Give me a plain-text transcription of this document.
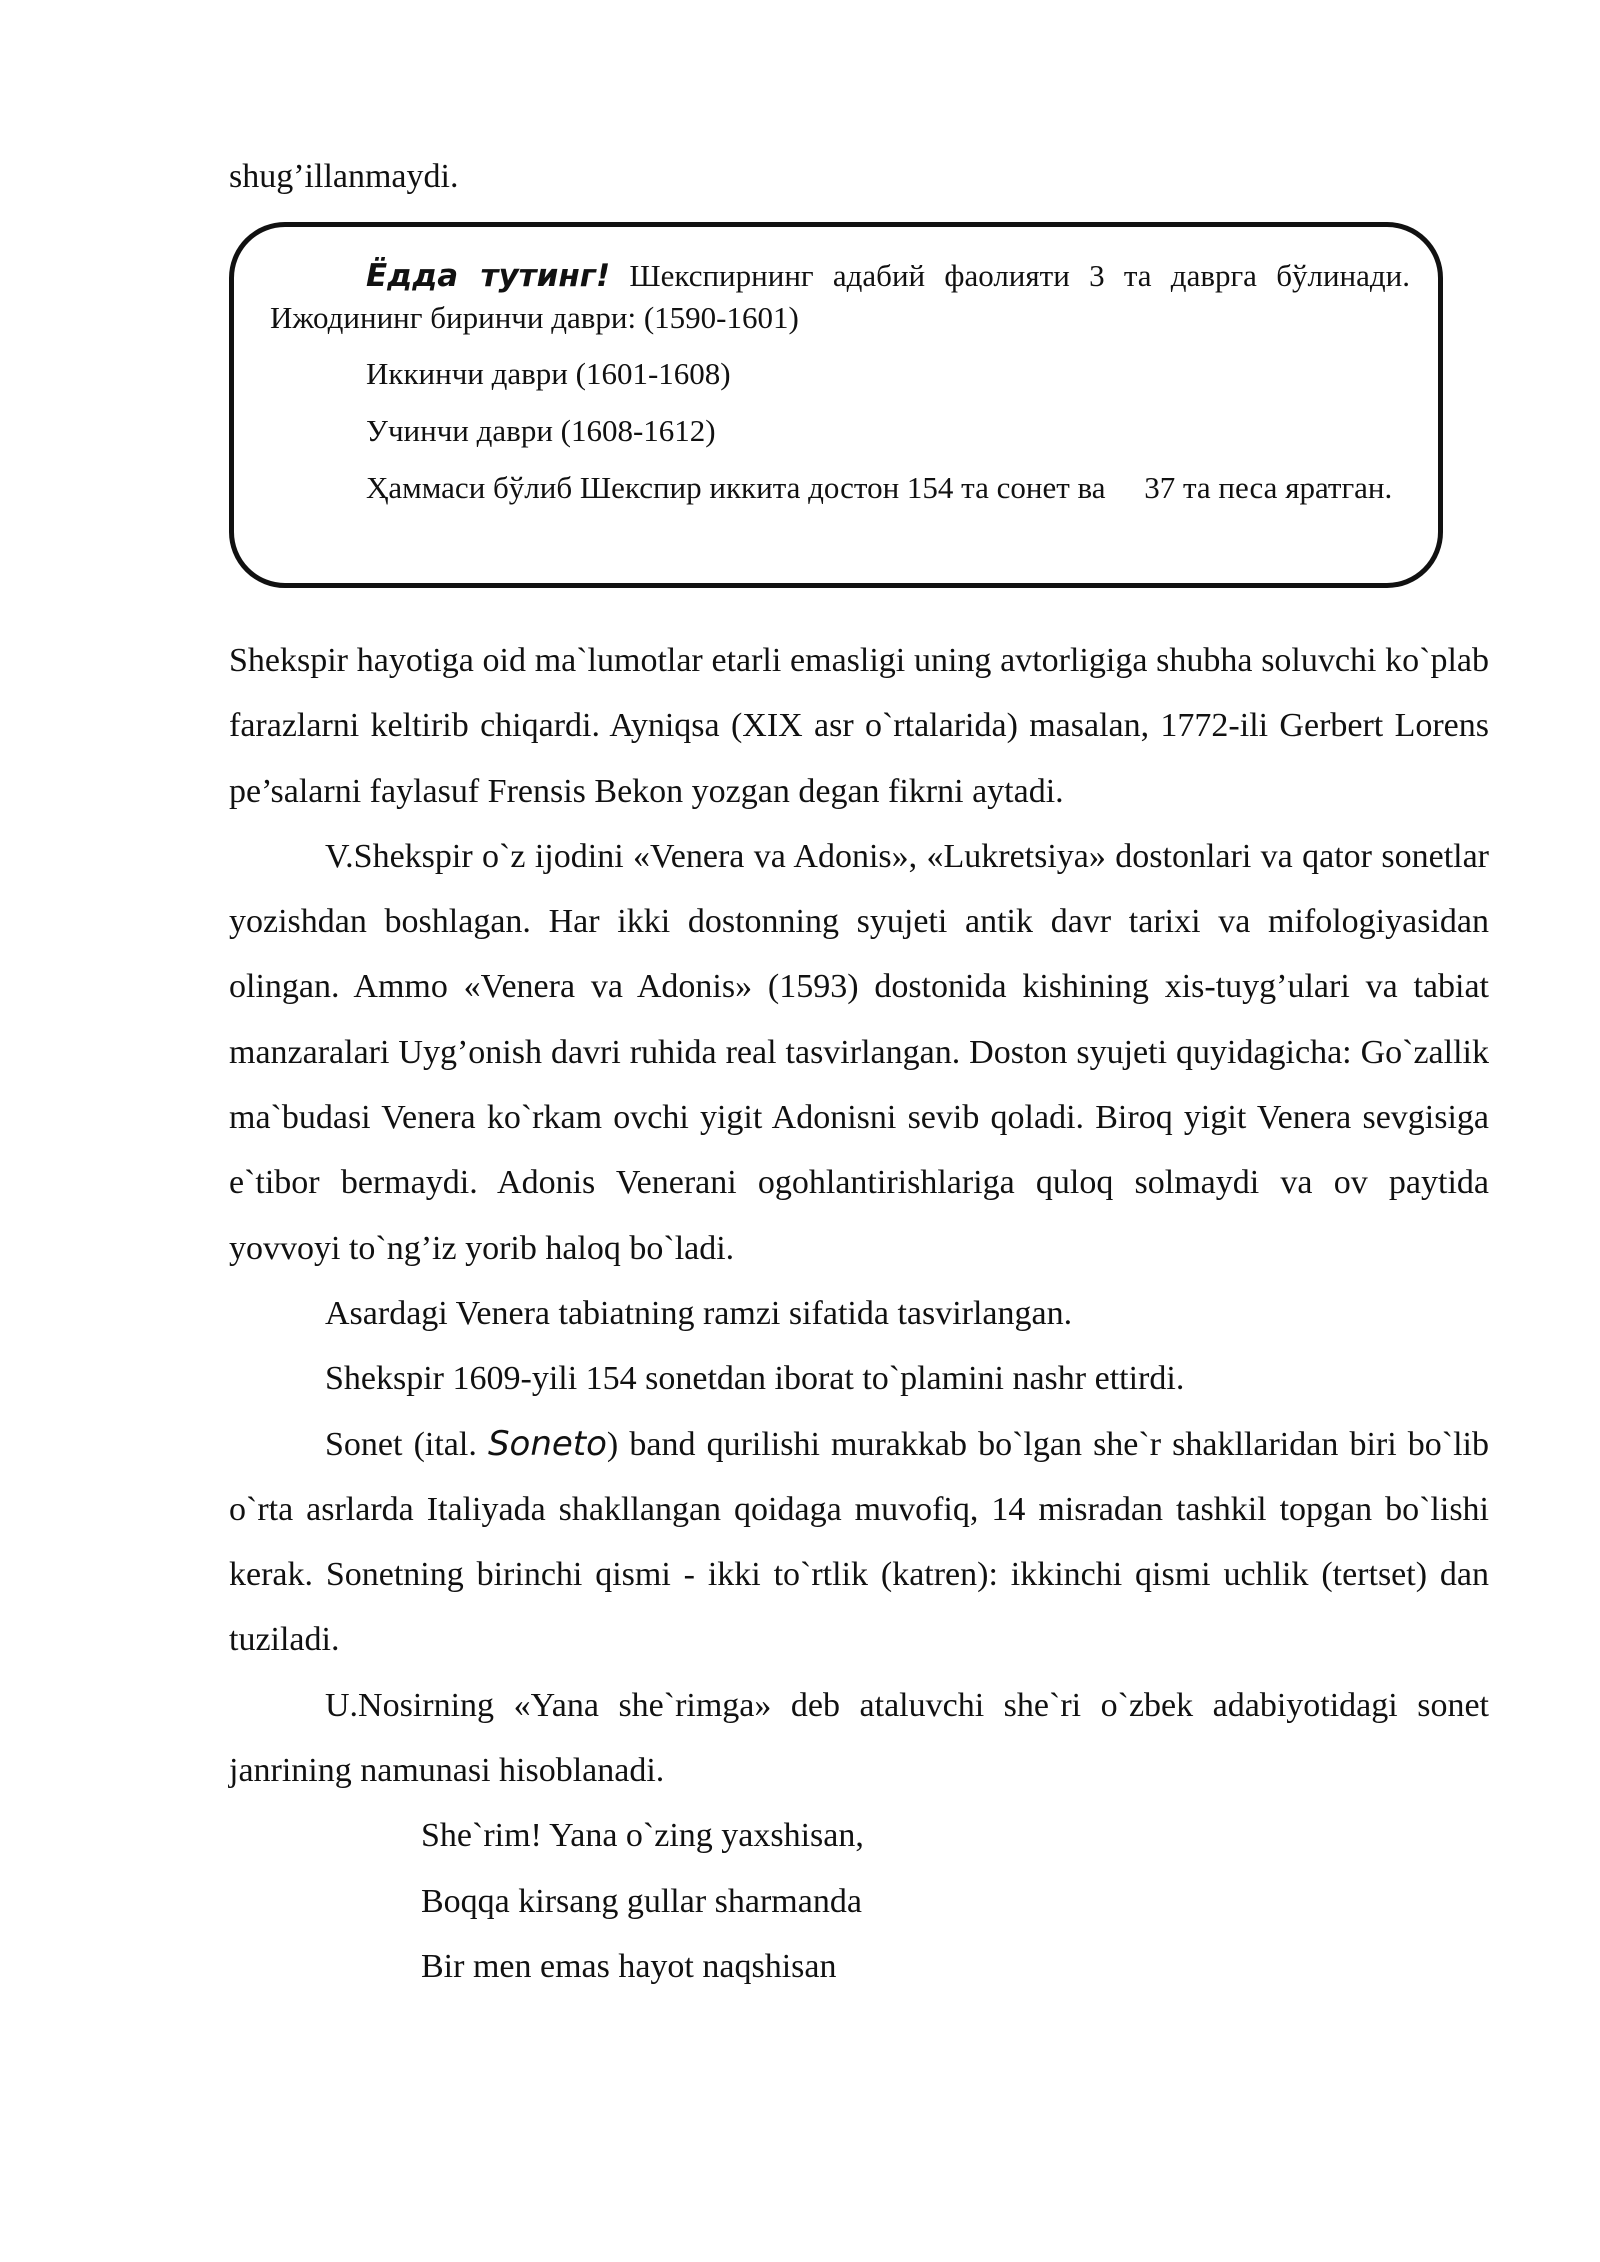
shug’illanmaydi.
Ёдда тутинг! Шекспирнинг адабий фаолияти 3 та даврга бўлинади. Ижодининг биринчи даври: (1590-1601)
Иккинчи даври (1601-1608)
Учинчи даври (1608-1612)
Ҳаммаси бўлиб Шекспир иккита достон 154 та сонет ва     37 та песа яратган.

Shekspir hayotiga oid ma`lumotlar etarli emasligi uning avtorligiga shubha soluvchi ko`plab farazlarni keltirib chiqardi. Ayniqsa (XIX asr o`rtalarida) masalan, 1772-ili Gerbert Lorens pe’salarni faylasuf Frensis Bekon yozgan degan fikrni aytadi.

V.Shekspir o`z ijodini «Venera va Adonis», «Lukretsiya» dostonlari va qator sonetlar yozishdan boshlagan. Har ikki dostonning syujeti antik davr tarixi va mifologiyasidan olingan. Ammo «Venera va Adonis» (1593) dostonida kishining xis-tuyg’ulari va tabiat manzaralari Uyg’onish davri ruhida real tasvirlangan. Doston syujeti quyidagicha: Go`zallik ma`budasi Venera ko`rkam ovchi yigit Adonisni sevib qoladi. Biroq yigit Venera sevgisiga e`tibor bermaydi. Adonis Venerani ogohlantirishlariga quloq solmaydi va ov paytida yovvoyi to`ng’iz yorib haloq bo`ladi.

Asardagi Venera tabiatning ramzi sifatida tasvirlangan.

Shekspir 1609-yili 154 sonetdan iborat to`plamini nashr ettirdi.

Sonet (ital. Soneto) band qurilishi murakkab bo`lgan she`r shakllaridan biri bo`lib o`rta asrlarda Italiyada shakllangan qoidaga muvofiq, 14 misradan tashkil topgan bo`lishi kerak. Sonetning birinchi qismi - ikki to`rtlik (katren): ikkinchi qismi uchlik (tertset) dan tuziladi.

U.Nosirning «Yana she`rimga» deb ataluvchi she`ri o`zbek adabiyotidagi sonet janrining namunasi hisoblanadi.

She`rim! Yana o`zing yaxshisan,

Boqqa kirsang gullar sharmanda

Bir men emas hayot naqshisan
